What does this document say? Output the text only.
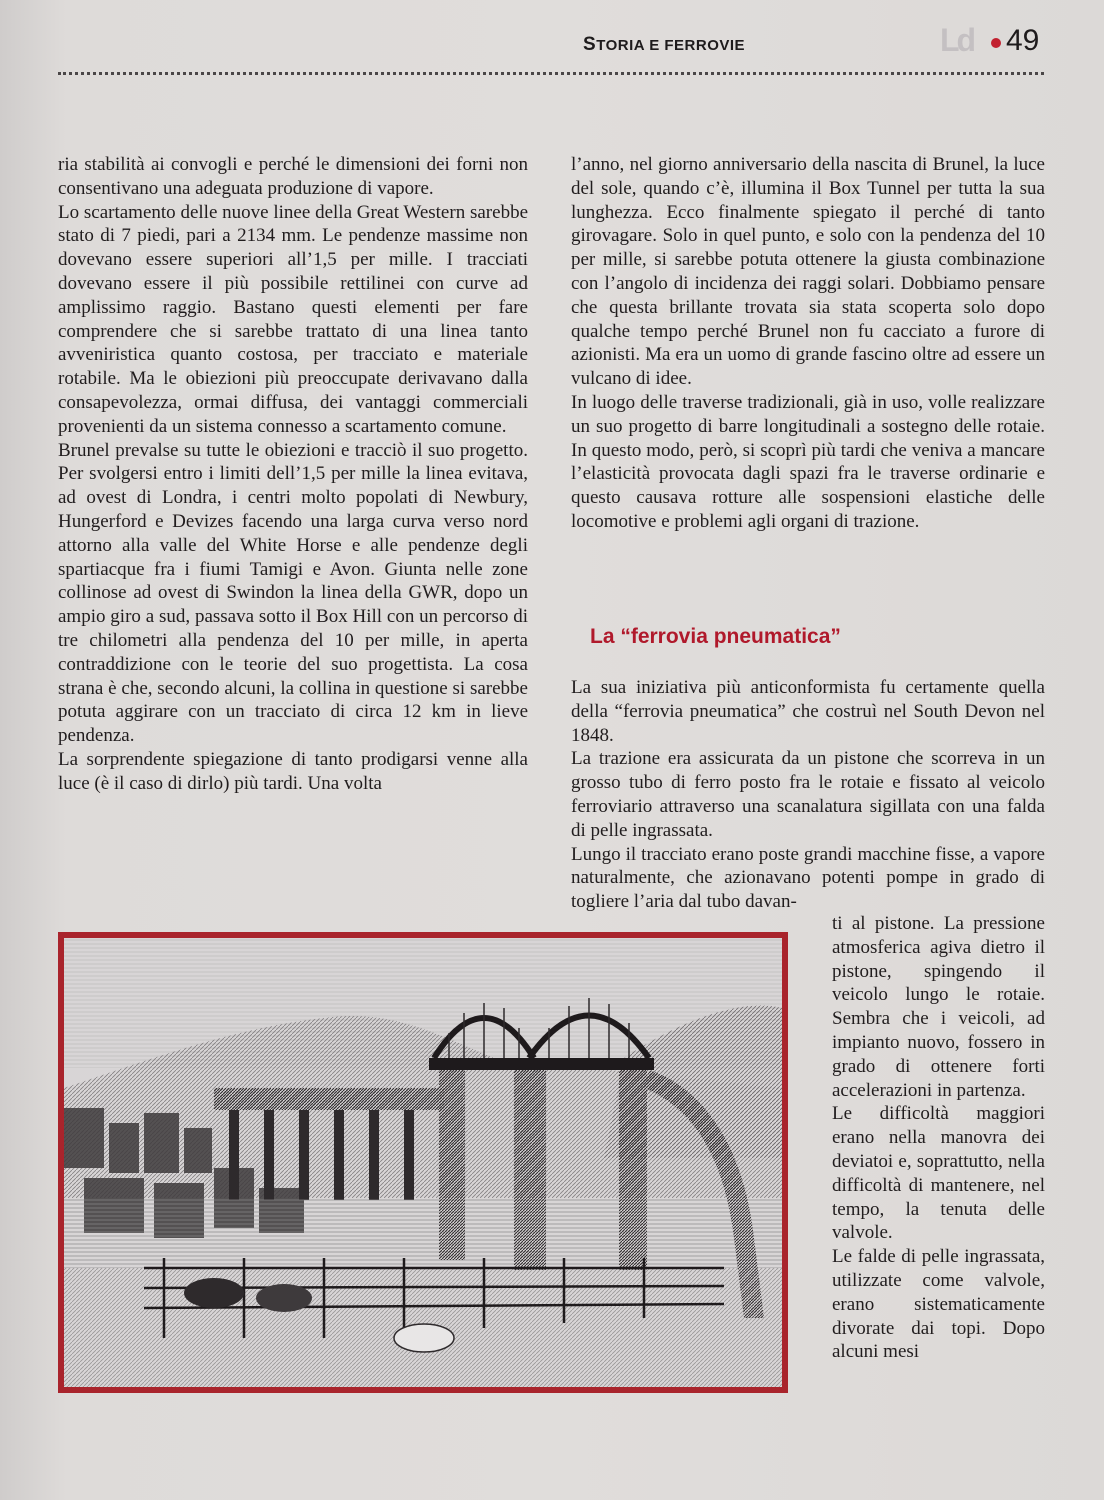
STORIA E FERROVIE	Ld	49

ria stabilità ai convogli e perché le dimensioni dei forni non consentivano una adeguata produzione di vapore.

Lo scartamento delle nuove linee della Great Western sarebbe stato di 7 piedi, pari a 2134 mm. Le pendenze massime non dovevano essere superiori all’1,5 per mille. I tracciati dovevano essere il più possibile rettilinei con curve ad amplissimo raggio. Bastano questi elementi per fare comprendere che si sarebbe trattato di una linea tanto avveniristica quanto costosa, per tracciato e materiale rotabile. Ma le obiezioni più preoccupate derivavano dalla consapevolezza, ormai diffusa, dei vantaggi commerciali provenienti da un sistema connesso a scartamento comune.

Brunel prevalse su tutte le obiezioni e tracciò il suo progetto. Per svolgersi entro i limiti dell’1,5 per mille la linea evitava, ad ovest di Londra, i centri molto popolati di Newbury, Hungerford e Devizes facendo una larga curva verso nord attorno alla valle del White Horse e alle pendenze degli spartiacque fra i fiumi Tamigi e Avon. Giunta nelle zone collinose ad ovest di Swindon la linea della GWR, dopo un ampio giro a sud, passava sotto il Box Hill con un percorso di tre chilometri alla pendenza del 10 per mille, in aperta contraddizione con le teorie del suo progettista. La cosa strana è che, secondo alcuni, la collina in questione si sarebbe potuta aggirare con un tracciato di circa 12 km in lieve pendenza.

La sorprendente spiegazione di tanto prodigarsi venne alla luce (è il caso di dirlo) più tardi. Una volta

l’anno, nel giorno anniversario della nascita di Brunel, la luce del sole, quando c’è, illumina il Box Tunnel per tutta la sua lunghezza. Ecco finalmente spiegato il perché di tanto girovagare. Solo in quel punto, e solo con la pendenza del 10 per mille, si sarebbe potuta ottenere la giusta combinazione con l’angolo di incidenza dei raggi solari. Dobbiamo pensare che questa brillante trovata sia stata scoperta solo dopo qualche tempo perché Brunel non fu cacciato a furore di azionisti. Ma era un uomo di grande fascino oltre ad essere un vulcano di idee.

In luogo delle traverse tradizionali, già in uso, volle realizzare un suo progetto di barre longitudinali a sostegno delle rotaie. In questo modo, però, si scoprì più tardi che veniva a mancare l’elasticità provocata dagli spazi fra le traverse ordinarie e questo causava rotture alle sospensioni elastiche delle locomotive e problemi agli organi di trazione.

La “ferrovia pneumatica”

La sua iniziativa più anticonformista fu certamente quella della “ferrovia pneumatica” che costruì nel South Devon nel 1848.

La trazione era assicurata da un pistone che scorreva in un grosso tubo di ferro posto fra le rotaie e fissato al veicolo ferroviario attraverso una scanalatura sigillata con una falda di pelle ingrassata.

Lungo il tracciato erano poste grandi macchine fisse, a vapore naturalmente, che azionavano potenti pompe in grado di togliere l’aria dal tubo davan-

ti al pistone. La pressione atmosferica agiva dietro il pistone, spingendo il veicolo lungo le rotaie. Sembra che i veicoli, ad impianto nuovo, fossero in grado di ottenere forti accelerazioni in partenza.

Le difficoltà maggiori erano nella manovra dei deviatoi e, soprattutto, nella difficoltà di mantenere, nel tempo, la tenuta delle valvole.

Le falde di pelle ingrassata, utilizzate come valvole, erano sistematicamente divorate dai topi. Dopo alcuni mesi
